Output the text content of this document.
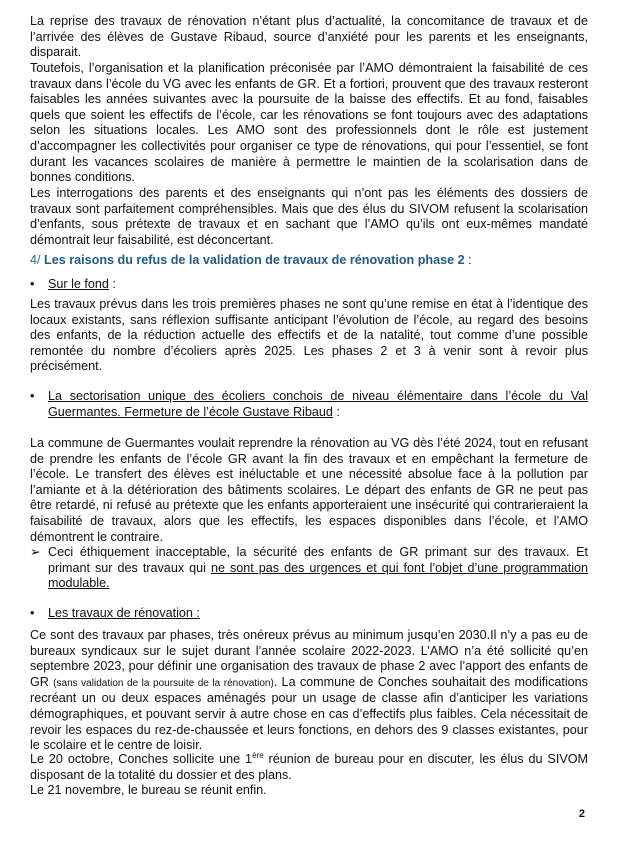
La reprise des travaux de rénovation n’étant plus d’actualité, la concomitance de travaux et de l’arrivée des élèves de Gustave Ribaud, source d’anxiété pour les parents et les enseignants, disparait.

Toutefois, l’organisation et la planification préconisée par l’AMO démontraient la faisabilité de ces travaux dans l’école du VG avec les enfants de GR. Et a fortiori, prouvent que des travaux resteront faisables les années suivantes avec la poursuite de la baisse des effectifs. Et au fond, faisables quels que soient les effectifs de l’école, car les rénovations se font toujours avec des adaptations selon les situations locales. Les AMO sont des professionnels dont le rôle est justement d’accompagner les collectivités pour organiser ce type de rénovations, qui pour l’essentiel, se font durant les vacances scolaires de manière à permettre le maintien de la scolarisation dans de bonnes conditions.

Les interrogations des parents et des enseignants qui n’ont pas les éléments des dossiers de travaux sont parfaitement compréhensibles. Mais que des élus du SIVOM refusent la scolarisation d’enfants, sous prétexte de travaux et en sachant que l’AMO qu’ils ont eux-mêmes mandaté démontrait leur faisabilité, est déconcertant.

4/ Les raisons du refus de la validation de travaux de rénovation phase 2 :
•	Sur le fond :

Les travaux prévus dans les trois premières phases ne sont qu’une remise en état à l’identique des locaux existants, sans réflexion suffisante anticipant l’évolution de l’école, au regard des besoins des enfants, de la réduction actuelle des effectifs et de la natalité, tout comme d’une possible remontée du nombre d’écoliers après 2025. Les phases 2 et 3 à venir sont à revoir plus précisément.

•	La sectorisation unique des écoliers conchois de niveau élémentaire dans l’école du Val Guermantes. Fermeture de l’école Gustave Ribaud :

La commune de Guermantes voulait reprendre la rénovation au VG dès l’été 2024, tout en refusant de prendre les enfants de l’école GR avant la fin des travaux et en empêchant la fermeture de l’école. Le transfert des élèves est inéluctable et une nécessité absolue face à la pollution par l’amiante et à la détérioration des bâtiments scolaires. Le départ des enfants de GR ne peut pas être retardé, ni refusé au prétexte que les enfants apporteraient une insécurité qui contrarieraient la faisabilité de travaux, alors que les effectifs, les espaces disponibles dans l’école, et l’AMO démontrent le contraire.

➢ Ceci éthiquement inacceptable, la sécurité des enfants de GR primant sur des travaux. Et primant sur des travaux qui ne sont pas des urgences et qui font l’objet d’une programmation modulable.
•	Les travaux de rénovation :

Ce sont des travaux par phases, très onéreux prévus au minimum jusqu’en 2030.Il n’y a pas eu de bureaux syndicaux sur le sujet durant l’année scolaire 2022-2023. L’AMO n’a été sollicité qu’en septembre 2023, pour définir une organisation des travaux de phase 2 avec l’apport des enfants de GR (sans validation de la poursuite de la rénovation). La commune de Conches souhaitait des modifications recréant un ou deux espaces aménagés pour un usage de classe afin d’anticiper les variations démographiques, et pouvant servir à autre chose en cas d’effectifs plus faibles. Cela nécessitait de revoir les espaces du rez-de-chaussée et leurs fonctions, en dehors des 9 classes existantes, pour le scolaire et le centre de loisir.

Le 20 octobre, Conches sollicite une 1ère réunion de bureau pour en discuter, les élus du SIVOM disposant de la totalité du dossier et des plans.

Le 21 novembre, le bureau se réunit enfin.

2
